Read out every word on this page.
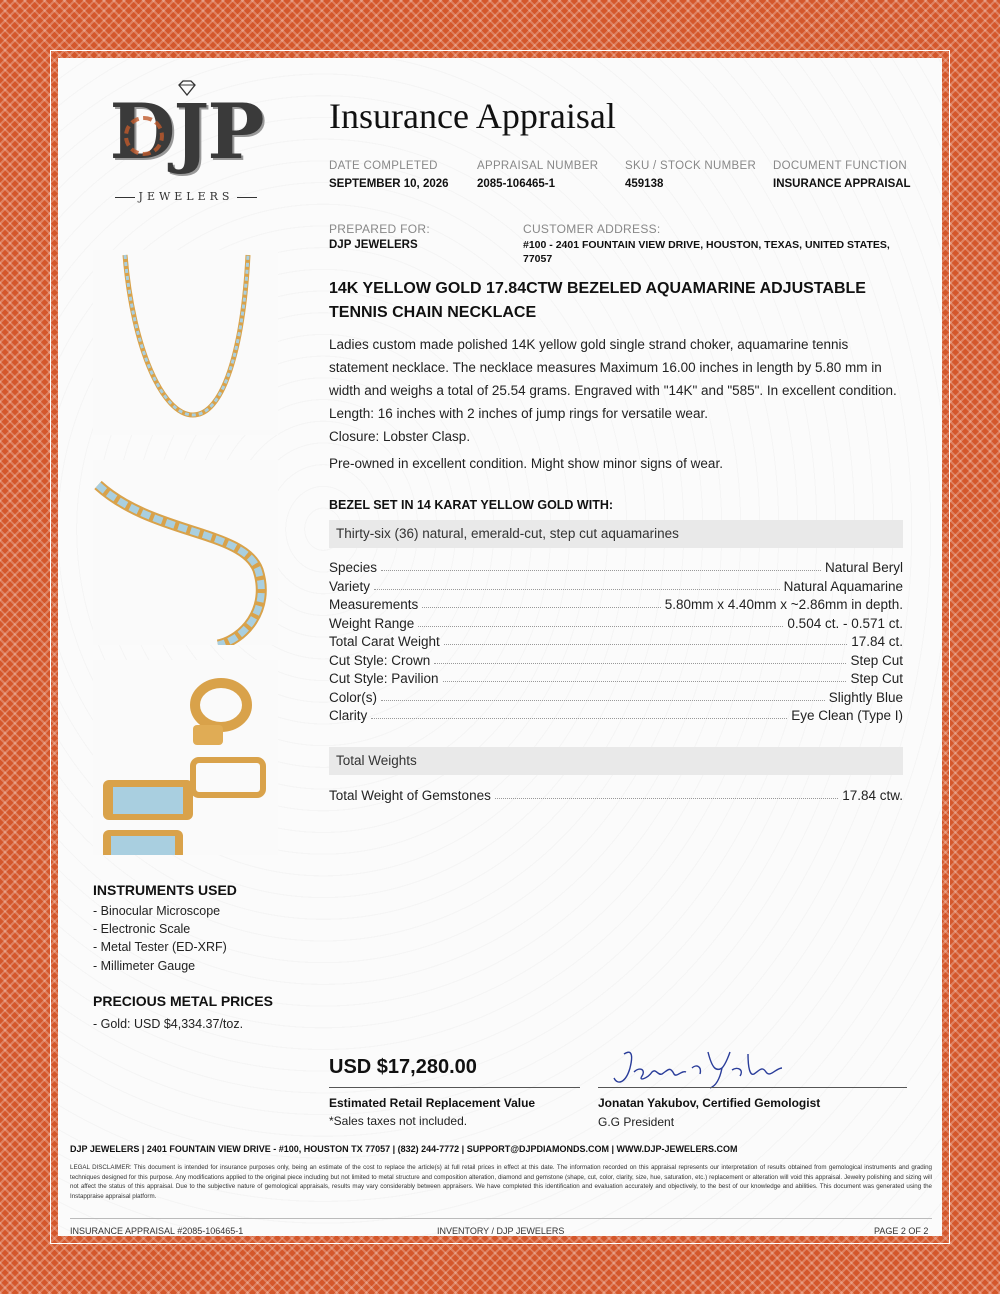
DJP
JEWELERS
Insurance Appraisal
DATE COMPLETED
SEPTEMBER 10, 2026
APPRAISAL NUMBER
2085-106465-1
SKU / STOCK NUMBER
459138
DOCUMENT FUNCTION
INSURANCE APPRAISAL
PREPARED FOR:
DJP JEWELERS
CUSTOMER ADDRESS:
#100 - 2401 FOUNTAIN VIEW DRIVE, HOUSTON, TEXAS, UNITED STATES,
77057
14K YELLOW GOLD 17.84CTW BEZELED AQUAMARINE ADJUSTABLE TENNIS CHAIN NECKLACE
Ladies custom made polished 14K yellow gold single strand choker, aquamarine tennis statement necklace. The necklace measures Maximum 16.00 inches in length by 5.80 mm in width and weighs a total of 25.54 grams. Engraved with "14K" and "585". In excellent condition.
Length: 16 inches with 2 inches of jump rings for versatile wear.
Closure: Lobster Clasp.
Pre-owned in excellent condition. Might show minor signs of wear.
BEZEL SET IN 14 KARAT YELLOW GOLD WITH:
Thirty-six (36) natural, emerald-cut, step cut aquamarines
Species	Natural Beryl
Variety	Natural Aquamarine
Measurements	5.80mm x 4.40mm x ~2.86mm in depth.
Weight Range	0.504 ct. - 0.571 ct.
Total Carat Weight	17.84 ct.
Cut Style: Crown	Step Cut
Cut Style: Pavilion	Step Cut
Color(s)	Slightly Blue
Clarity	Eye Clean (Type I)
Total Weights
Total Weight of Gemstones	17.84 ctw.
INSTRUMENTS USED
- Binocular Microscope
- Electronic Scale
- Metal Tester (ED-XRF)
- Millimeter Gauge
PRECIOUS METAL PRICES
- Gold: USD $4,334.37/toz.
USD $17,280.00
Estimated Retail Replacement Value
*Sales taxes not included.
Jonatan Yakubov, Certified Gemologist
G.G President
DJP JEWELERS | 2401 FOUNTAIN VIEW DRIVE - #100, HOUSTON TX 77057 | (832) 244-7772 | SUPPORT@DJPDIAMONDS.COM | WWW.DJP-JEWELERS.COM
LEGAL DISCLAIMER: This document is intended for insurance purposes only, being an estimate of the cost to replace the article(s) at full retail prices in effect at this date. The information recorded on this appraisal represents our interpretation of results obtained from gemological instruments and grading techniques designed for this purpose. Any modifications applied to the original piece including but not limited to metal structure and composition alteration, diamond and gemstone (shape, cut, color, clarity, size, hue, saturation, etc.) replacement or alteration will void this appraisal. Jewelry polishing and sizing will not affect the status of this appraisal. Due to the subjective nature of gemological appraisals, results may vary considerably between appraisers. We have completed this identification and evaluation accurately and objectively, to the best of our knowledge and abilities. This document was generated using the Instappraise appraisal platform.
INSURANCE APPRAISAL #2085-106465-1	INVENTORY / DJP JEWELERS	PAGE 2 OF 2
